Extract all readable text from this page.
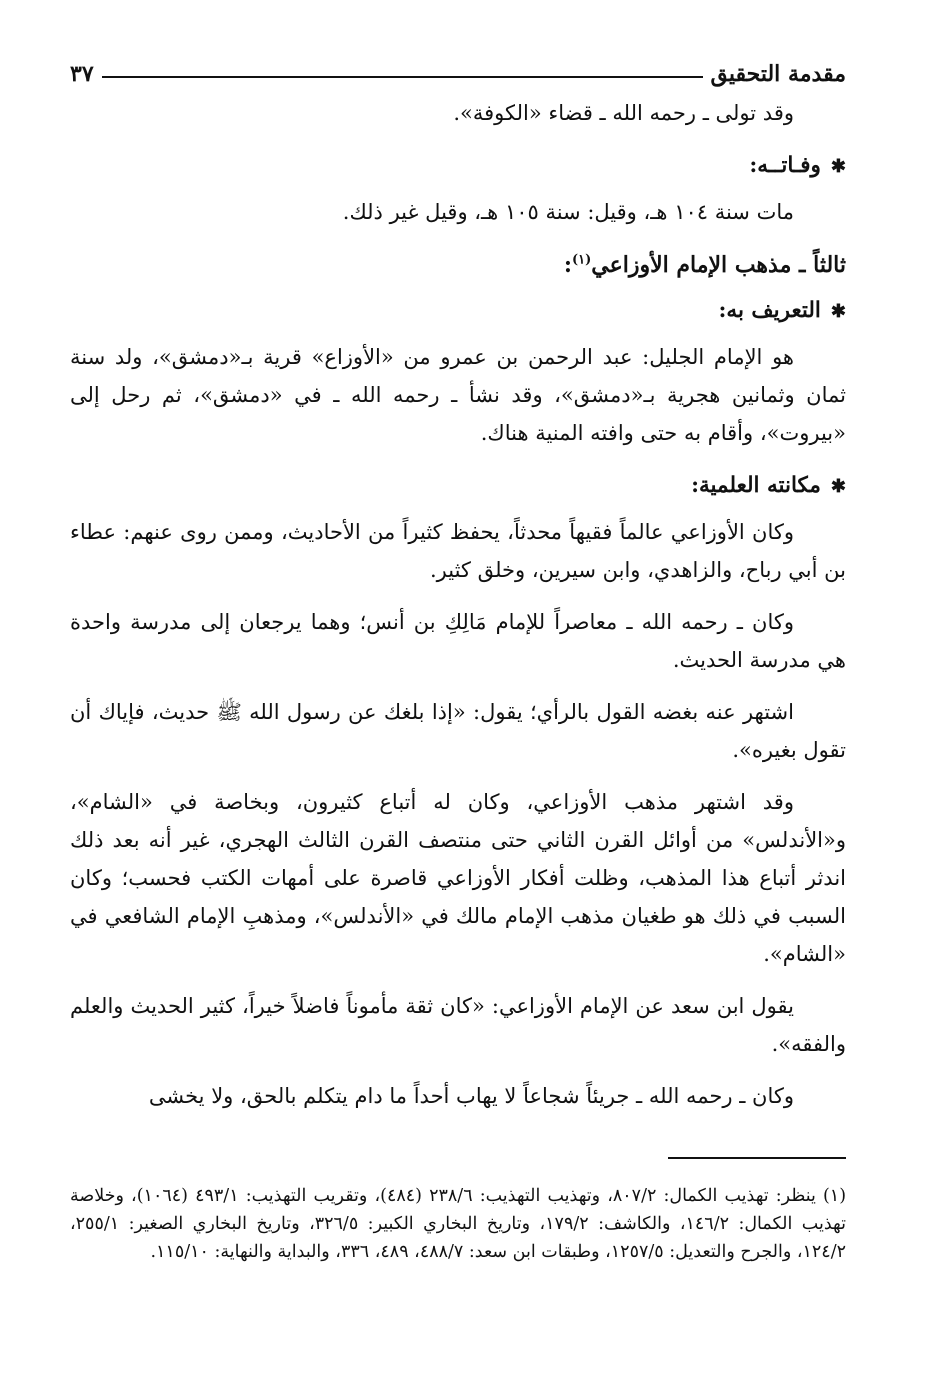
مقدمة التحقيق
٣٧

وقد تولى ـ رحمه الله ـ قضاء «الكوفة».

✱وفـاتــه:

مات سنة ١٠٤ هـ، وقيل: سنة ١٠٥ هـ، وقيل غير ذلك.

ثالثاً ـ مذهب الإمام الأوزاعي$^{(١)}$:
✱التعريف به:

هو الإمام الجليل: عبد الرحمن بن عمرو من «الأوزاع» قرية بـ«دمشق»، ولد سنة ثمان وثمانين هجرية بـ«دمشق»، وقد نشأ ـ رحمه الله ـ في «دمشق»، ثم رحل إلى «بيروت»، وأقام به حتى وافته المنية هناك.

✱مكانته العلمية:

وكان الأوزاعي عالماً فقيهاً محدثاً، يحفظ كثيراً من الأحاديث، وممن روى عنهم: عطاء بن أبي رباح، والزاهدي، وابن سيرين، وخلق كثير.

وكان ـ رحمه الله ـ معاصراً للإمام مَالِكِ بن أنس؛ وهما يرجعان إلى مدرسة واحدة هي مدرسة الحديث.

اشتهر عنه بغضه القول بالرأي؛ يقول: «إذا بلغك عن رسول الله ﷺ حديث، فإياك أن تقول بغيره».

وقد اشتهر مذهب الأوزاعي، وكان له أتباع كثيرون، وبخاصة في «الشام»، و«الأندلس» من أوائل القرن الثاني حتى منتصف القرن الثالث الهجري، غير أنه بعد ذلك اندثر أتباع هذا المذهب، وظلت أفكار الأوزاعي قاصرة على أمهات الكتب فحسب؛ وكان السبب في ذلك هو طغيان مذهب الإمام مالك في «الأندلس»، ومذهبِ الإمام الشافعي في «الشام».

يقول ابن سعد عن الإمام الأوزاعي: «كان ثقة مأموناً فاضلاً خيراً، كثير الحديث والعلم والفقه».

وكان ـ رحمه الله ـ جريئاً شجاعاً لا يهاب أحداً ما دام يتكلم بالحق، ولا يخشى

(١) ينظر: تهذيب الكمال: ٨٠٧/٢، وتهذيب التهذيب: ٢٣٨/٦ (٤٨٤)، وتقريب التهذيب: ٤٩٣/١ (١٠٦٤)، وخلاصة تهذيب الكمال: ١٤٦/٢، والكاشف: ١٧٩/٢، وتاريخ البخاري الكبير: ٣٢٦/٥، وتاريخ البخاري الصغير: ٢٥٥/١، ١٢٤/٢، والجرح والتعديل: ١٢٥٧/٥، وطبقات ابن سعد: ٤٨٨/٧، ٤٨٩، ٣٣٦، والبداية والنهاية: ١١٥/١٠.
